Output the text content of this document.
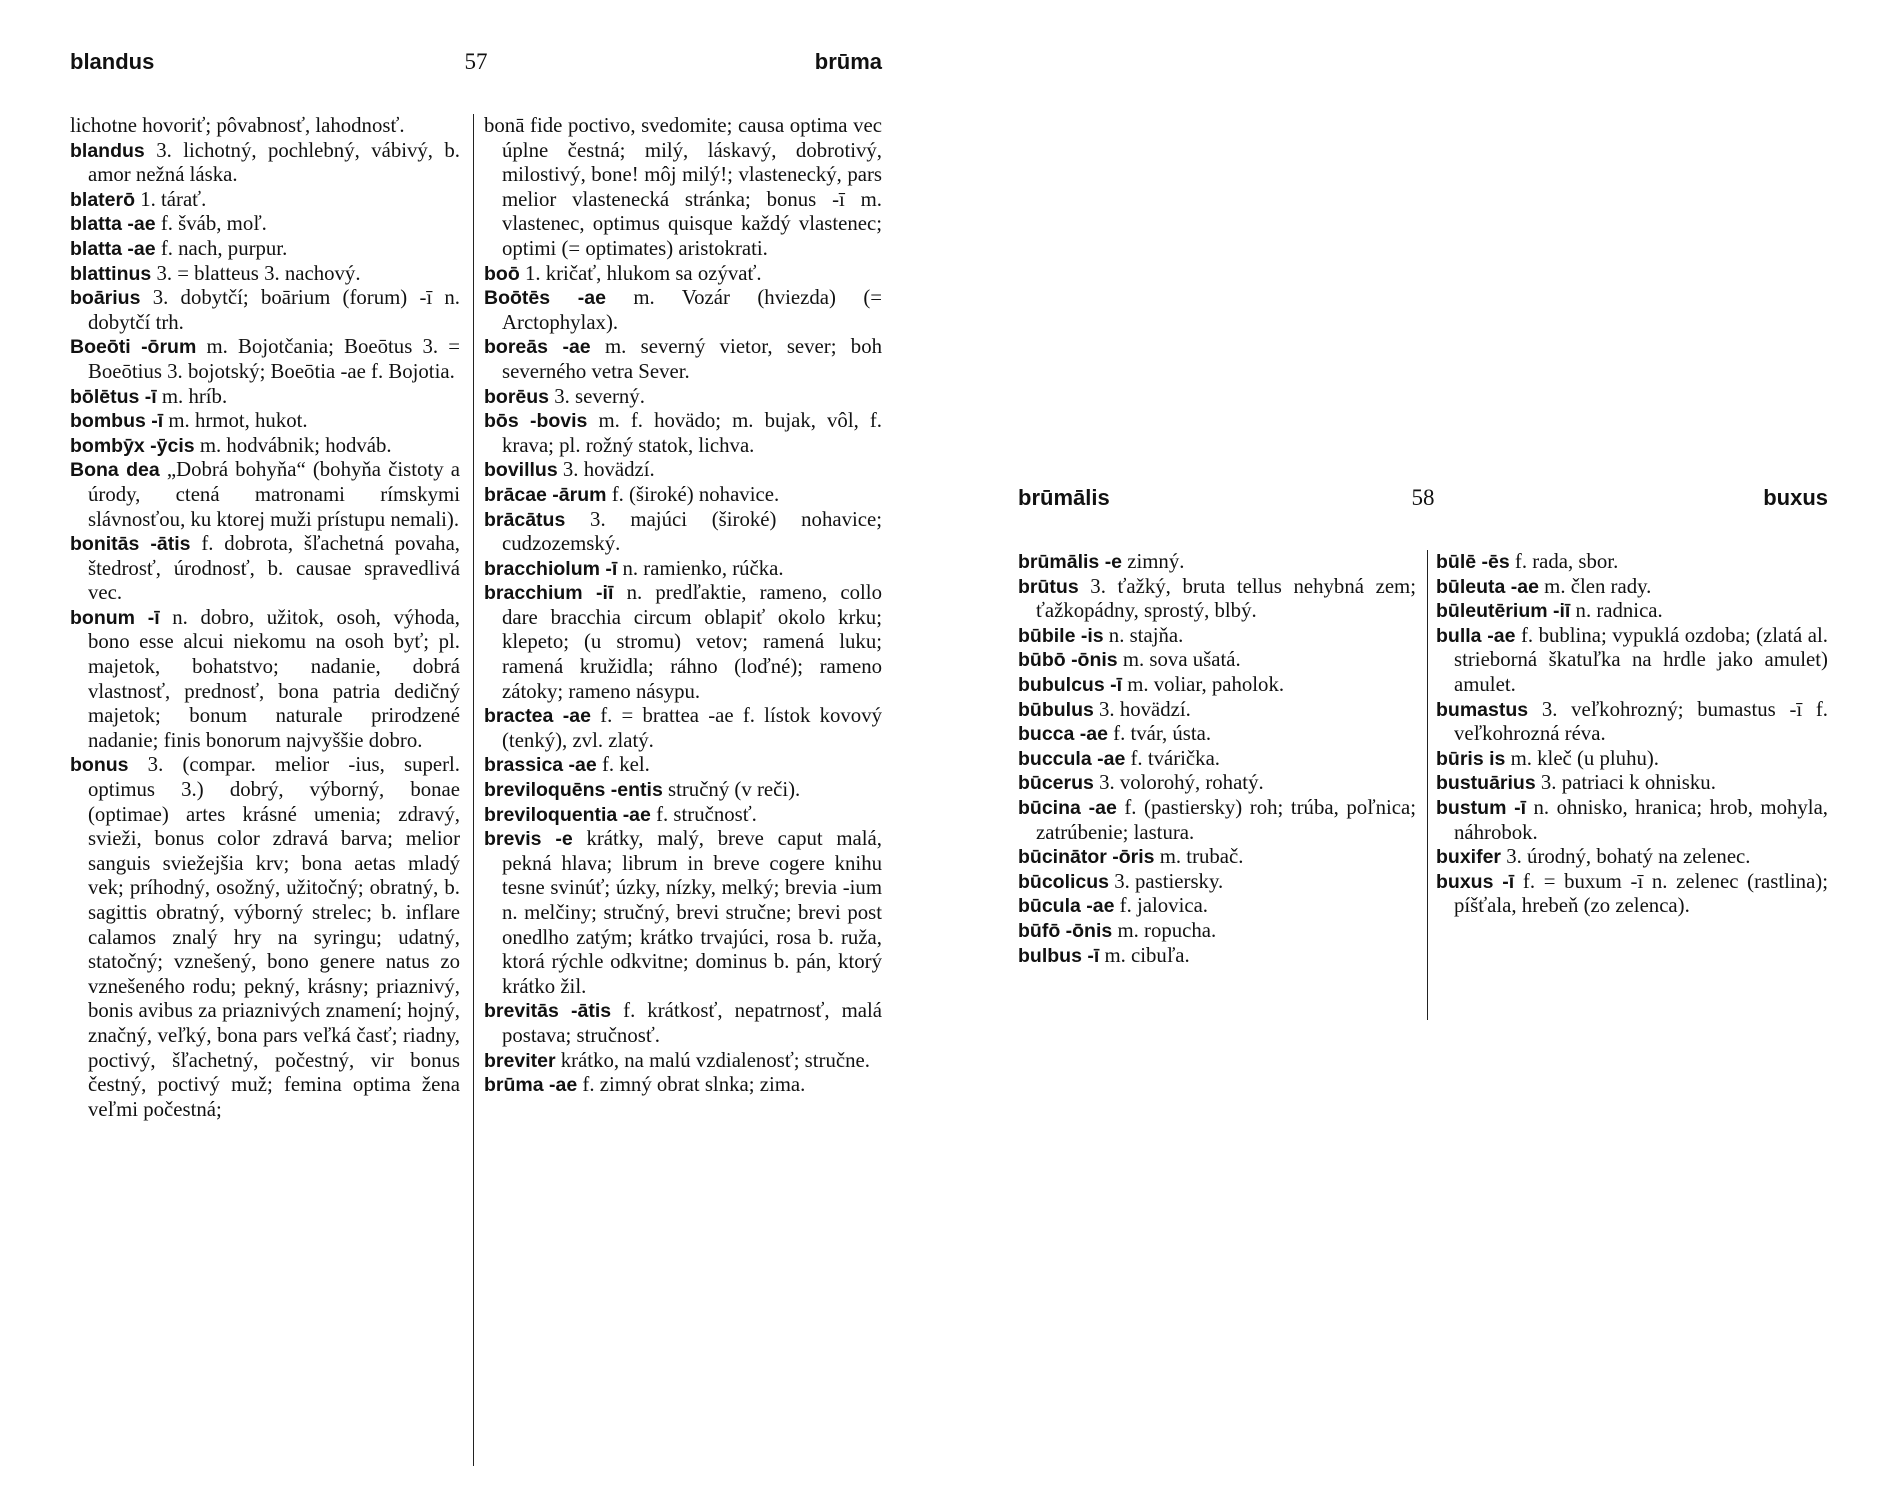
blandus	57	brūma

lichotne hovoriť; pôvabnosť, lahodnosť.

blandus 3. lichotný, pochlebný, vábivý, b. amor nežná láska.

blaterō 1. tárať.

blatta -ae f. šváb, moľ.

blatta -ae f. nach, purpur.

blattinus 3. = blatteus 3. nachový.

boārius 3. dobytčí; boārium (forum) -ī n. dobytčí trh.

Boeōti -ōrum m. Bojotčania; Boeōtus 3. = Boeōtius 3. bojotský; Boeōtia -ae f. Bojotia.

bōlētus -ī m. hríb.

bombus -ī m. hrmot, hukot.

bombȳx -ȳcis m. hodvábnik; hodváb.

Bona dea „Dobrá bohyňa“ (bohyňa čistoty a úrody, ctená matronami rímskymi slávnosťou, ku ktorej muži prístupu nemali).

bonitās -ātis f. dobrota, šľachetná povaha, štedrosť, úrodnosť, b. causae spravedlivá vec.

bonum -ī n. dobro, užitok, osoh, výhoda, bono esse alcui niekomu na osoh byť; pl. majetok, bohatstvo; nadanie, dobrá vlastnosť, prednosť, bona patria dedičný majetok; bonum naturale prirodzené nadanie; finis bonorum najvyššie dobro.

bonus 3. (compar. melior -ius, superl. optimus 3.) dobrý, výborný, bonae (optimae) artes krásné umenia; zdravý, svieži, bonus color zdravá barva; melior sanguis sviežejšia krv; bona aetas mladý vek; príhodný, osožný, užitočný; obratný, b. sagittis obratný, výborný strelec; b. inflare calamos znalý hry na syringu; udatný, statočný; vznešený, bono genere natus zo vznešeného rodu; pekný, krásny; priaznivý, bonis avibus za priaznivých znamení; hojný, značný, veľký, bona pars veľká časť; riadny, poctivý, šľachetný, počestný, vir bonus čestný, poctivý muž; femina optima žena veľmi počestná;

bonā fide poctivo, svedomite; causa optima vec úplne čestná; milý, láskavý, dobrotivý, milostivý, bone! môj milý!; vlastenecký, pars melior vlastenecká stránka; bonus -ī m. vlastenec, optimus quisque každý vlastenec; optimi (= optimates) aristokrati.

boō 1. kričať, hlukom sa ozývať.

Boōtēs -ae m. Vozár (hviezda) (= Arctophylax).

boreās -ae m. severný vietor, sever; boh severného vetra Sever.

borēus 3. severný.

bōs -bovis m. f. hovädo; m. bujak, vôl, f. krava; pl. rožný statok, lichva.

bovillus 3. hovädzí.

brācae -ārum f. (široké) nohavice.

brācātus 3. majúci (široké) nohavice; cudzozemský.

bracchiolum -ī n. ramienko, rúčka.

bracchium -iī n. predľaktie, rameno, collo dare bracchia circum oblapiť okolo krku; klepeto; (u stromu) vetov; ramená luku; ramená kružidla; ráhno (loďné); rameno zátoky; rameno násypu.

bractea -ae f. = brattea -ae f. lístok kovový (tenký), zvl. zlatý.

brassica -ae f. kel.

breviloquēns -entis stručný (v reči).

breviloquentia -ae f. stručnosť.

brevis -e krátky, malý, breve caput malá, pekná hlava; librum in breve cogere knihu tesne svinúť; úzky, nízky, melký; brevia -ium n. melčiny; stručný, brevi stručne; brevi post onedlho zatým; krátko trvajúci, rosa b. ruža, ktorá rýchle odkvitne; dominus b. pán, ktorý krátko žil.

brevitās -ātis f. krátkosť, nepatrnosť, malá postava; stručnosť.

breviter krátko, na malú vzdialenosť; stručne.

brūma -ae f. zimný obrat slnka; zima.

brūmālis	58	buxus

brūmālis -e zimný.

brūtus 3. ťažký, bruta tellus nehybná zem; ťažkopádny, sprostý, blbý.

būbile -is n. stajňa.

būbō -ōnis m. sova ušatá.

bubulcus -ī m. voliar, paholok.

būbulus 3. hovädzí.

bucca -ae f. tvár, ústa.

buccula -ae f. tvárička.

būcerus 3. volorohý, rohatý.

būcina -ae f. (pastiersky) roh; trúba, poľnica; zatrúbenie; lastura.

būcinātor -ōris m. trubač.

būcolicus 3. pastiersky.

būcula -ae f. jalovica.

būfō -ōnis m. ropucha.

bulbus -ī m. cibuľa.

būlē -ēs f. rada, sbor.

būleuta -ae m. člen rady.

būleutērium -iī n. radnica.

bulla -ae f. bublina; vypuklá ozdoba; (zlatá al. strieborná škatuľka na hrdle jako amulet) amulet.

bumastus 3. veľkohrozný; bumastus -ī f. veľkohrozná réva.

būris is m. kleč (u pluhu).

bustuārius 3. patriaci k ohnisku.

bustum -ī n. ohnisko, hranica; hrob, mohyla, náhrobok.

buxifer 3. úrodný, bohatý na zelenec.

buxus -ī f. = buxum -ī n. zelenec (rastlina); píšťala, hrebeň (zo zelenca).
